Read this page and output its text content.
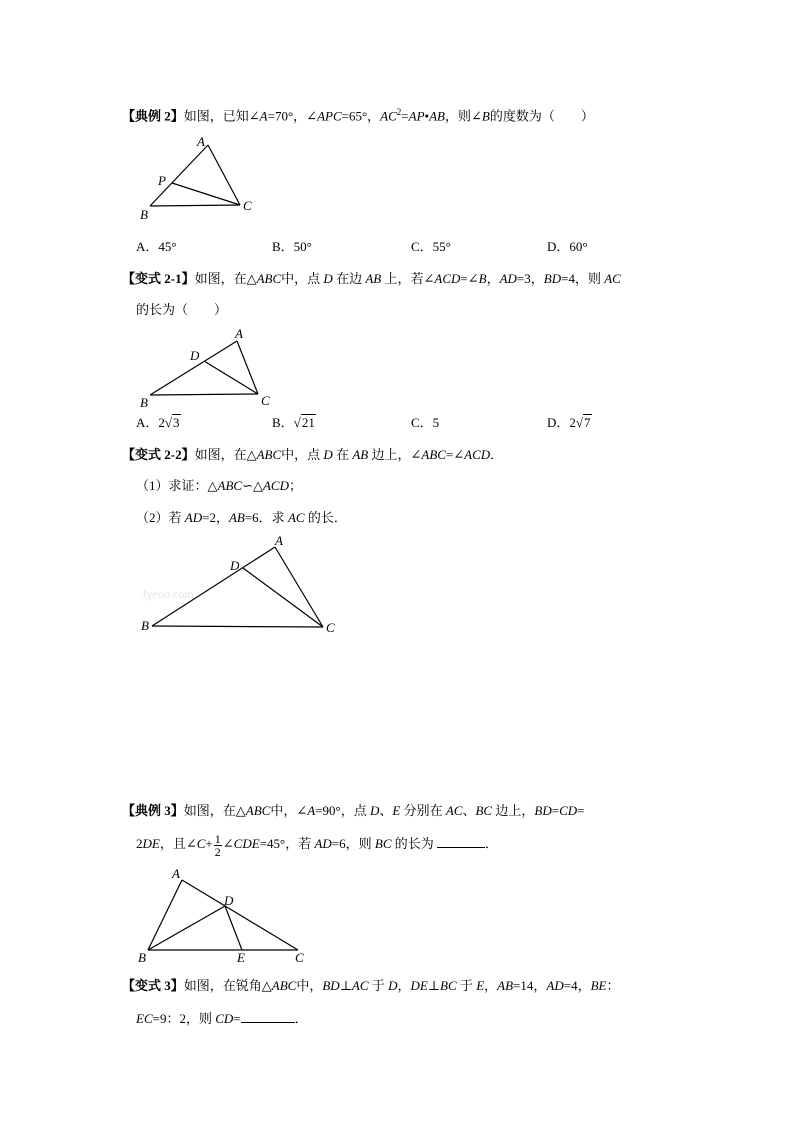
【典例 2】如图，已知∠A=70°，∠APC=65°，$AC^2=AP•AB$，则∠B的度数为（　　）
A
P
B
C
A．45°	B．50°	C．55°	D．60°
【变式 2-1】如图，在△ABC中，点 D 在边 AB 上，若∠ACD=∠B，AD=3，BD=4，则 AC
的长为（　　）
A
D
B	C
A．2√3	B．√21	C．5	D．2√7
【变式 2-2】如图，在△ABC中，点 D 在 AB 边上，∠ABC=∠ACD．
（1）求证：△ABC∽△ACD；
（2）若 AD=2，AB=6．求 AC 的长．
Jyeoo.com
A
D
B	C
【典例 3】如图，在△ABC中，∠A=90°，点 D、E 分别在 AC、BC 边上，BD=CD=
2DE，且∠C+ $\frac{1}{2}$ ∠CDE=45°，若 AD=6，则 BC 的长为	．
A
D
B	E	C
【变式 3】如图，在锐角△ABC中，BD⊥AC 于 D，DE⊥BC 于 E，AB=14，AD=4，BE：
EC=9：2，则 CD=	．
